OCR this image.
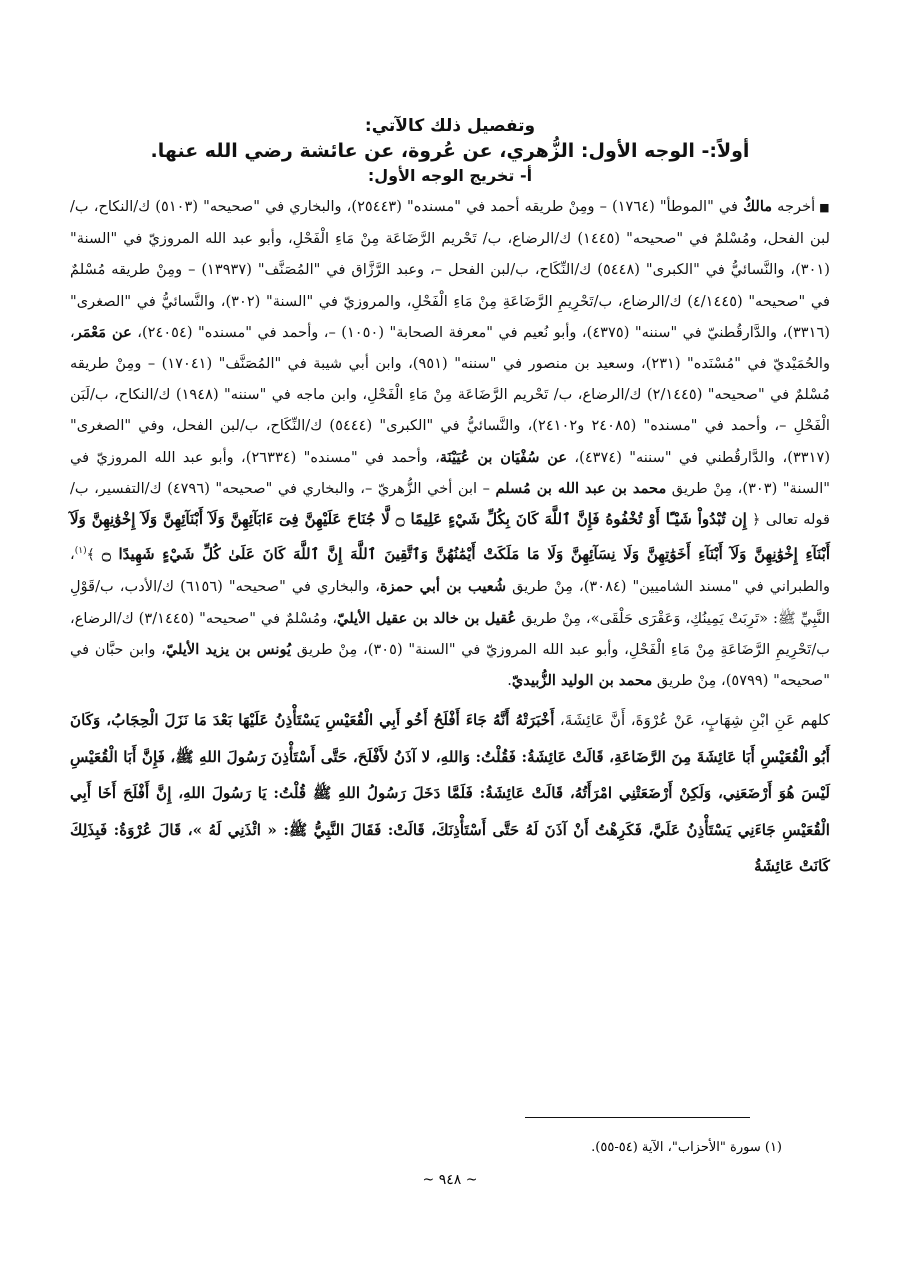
وتفصيل ذلك كالآتي:
أولاً:- الوجه الأول: الزُّهري، عن عُروة، عن عائشة رضي الله عنها.
أ- تخريج الوجه الأول:

■أخرجه مالكٌ في "الموطأ" (١٧٦٤) – ومِنْ طريقه أحمد في "مسنده" (٢٥٤٤٣)، والبخاري في "صحيحه" (٥١٠٣) ك/النكاح، ب/لبن الفحل، ومُسْلمٌ في "صحيحه" (١٤٤٥) ك/الرضاع، ب/ تَحْريم الرَّضَاعَة مِنْ مَاءِ الْفَحْلِ، وأبو عبد الله المروزيّ في "السنة" (٣٠١)، والنَّسائيُّ في "الكبرى" (٥٤٤٨) ك/النِّكَاح، ب/لبن الفحل –، وعبد الرَّزَّاق في "المُصَنَّف" (١٣٩٣٧) – ومِنْ طريقه مُسْلمٌ في "صحيحه" (٤/١٤٤٥) ك/الرضاع، ب/تَحْرِيمِ الرَّضَاعَةِ مِنْ مَاءِ الْفَحْلِ، والمروزيّ في "السنة" (٣٠٢)، والنَّسائيُّ في "الصغرى" (٣٣١٦)، والدَّارقُطنيّ في "سننه" (٤٣٧٥)، وأبو نُعيم في "معرفة الصحابة" (١٠٥٠) –، وأحمد في "مسنده" (٢٤٠٥٤)، عن مَعْمَر، والحُمَيْديّ في "مُسْنَده" (٢٣١)، وسعيد بن منصور في "سننه" (٩٥١)، وابن أبي شيبة في "المُصَنَّف" (١٧٠٤١) – ومِنْ طريقه مُسْلمٌ في "صحيحه" (٢/١٤٤٥) ك/الرضاع، ب/ تَحْريم الرَّضَاعَة مِنْ مَاءِ الْفَحْلِ، وابن ماجه في "سننه" (١٩٤٨) ك/النكاح، ب/لَبَن الْفَحْلِ –، وأحمد في "مسنده" (٢٤٠٨٥ و٢٤١٠٢)، والنَّسائيُّ في "الكبرى" (٥٤٤٤) ك/النِّكَاح، ب/لبن الفحل، وفي "الصغرى" (٣٣١٧)، والدَّارقُطني في "سننه" (٤٣٧٤)، عن سُفْيَان بن عُيَيْنَة، وأحمد في "مسنده" (٢٦٣٣٤)، وأبو عبد الله المروزيّ في "السنة" (٣٠٣)، مِنْ طريق محمد بن عبد الله بن مُسلم – ابن أخي الزُّهريّ –، والبخاري في "صحيحه" (٤٧٩٦) ك/التفسير، ب/قوله تعالى ﴿ إِن تُبْدُواْ شَيْـًٔا أَوْ تُخْفُوهُ فَإِنَّ ٱللَّهَ كَانَ بِكُلِّ شَيْءٍ عَلِيمًا ۝ لَّا جُنَاحَ عَلَيْهِنَّ فِىٓ ءَابَآئِهِنَّ وَلَآ أَبْنَآئِهِنَّ وَلَآ إِخْوَٰنِهِنَّ وَلَآ أَبْنَآءِ إِخْوَٰنِهِنَّ وَلَآ أَبْنَآءِ أَخَوَٰتِهِنَّ وَلَا نِسَآئِهِنَّ وَلَا مَا مَلَكَتْ أَيْمَٰنُهُنَّ وَٱتَّقِينَ ٱللَّهَ إِنَّ ٱللَّهَ كَانَ عَلَىٰ كُلِّ شَيْءٍ شَهِيدًا ۝ ﴾$^{(١)}$، والطبراني في "مسند الشاميين" (٣٠٨٤)، مِنْ طريق شُعيب بن أبي حمزة، والبخاري في "صحيحه" (٦١٥٦) ك/الأدب، ب/قَوْلِ النَّبِيِّ ﷺ: «تَرِبَتْ يَمِينُكِ، وَعَقْرَى حَلْقَى»، مِنْ طريق عُقيل بن خالد بن عقيل الأيليّ، ومُسْلمٌ في "صحيحه" (٣/١٤٤٥) ك/الرضاع، ب/تَحْرِيمِ الرَّضَاعَةِ مِنْ مَاءِ الْفَحْلِ، وأبو عبد الله المروزيّ في "السنة" (٣٠٥)، مِنْ طريق يُونس بن يزيد الأيليّ، وابن حبَّان في "صحيحه" (٥٧٩٩)، مِنْ طريق محمد بن الوليد الزُّبيديّ.

كلهم عَنِ ابْنِ شِهَابٍ، عَنْ عُرْوَةَ، أَنَّ عَائِشَةَ، أَخْبَرَتْهُ أَنَّهُ جَاءَ أَفْلَحُ أَخُو أَبِي الْقُعَيْسِ يَسْتَأْذِنُ عَلَيْهَا بَعْدَ مَا نَزَلَ الْحِجَابُ، وَكَانَ أَبُو الْقُعَيْسِ أَبَا عَائِشَةَ مِنَ الرَّضَاعَةِ، قَالَتْ عَائِشَةُ: فَقُلْتُ: وَاللهِ، لا آذَنُ لأَفْلَحَ، حَتَّى أَسْتَأْذِنَ رَسُولَ اللهِ ﷺ، فَإِنَّ أَبَا الْقُعَيْسِ لَيْسَ هُوَ أَرْضَعَنِي، وَلَكِنْ أَرْضَعَتْنِي امْرَأَتُهُ، قَالَتْ عَائِشَةُ: فَلَمَّا دَخَلَ رَسُولُ اللهِ ﷺ قُلْتُ: يَا رَسُولَ اللهِ، إِنَّ أَفْلَحَ أَخَا أَبِي الْقُعَيْسِ جَاءَنِي يَسْتَأْذِنُ عَلَيَّ، فَكَرِهْتُ أَنْ آذَنَ لَهُ حَتَّى أَسْتَأْذِنَكَ، قَالَتْ: فَقَالَ النَّبِيُّ ﷺ: « ائْذَنِي لَهُ »، قَالَ عُرْوَةُ: فَبِذَلِكَ كَانَتْ عَائِشَةُ

(١) سورة "الأحزاب"، الآية (٥٤-٥٥).
~ ٩٤٨ ~
